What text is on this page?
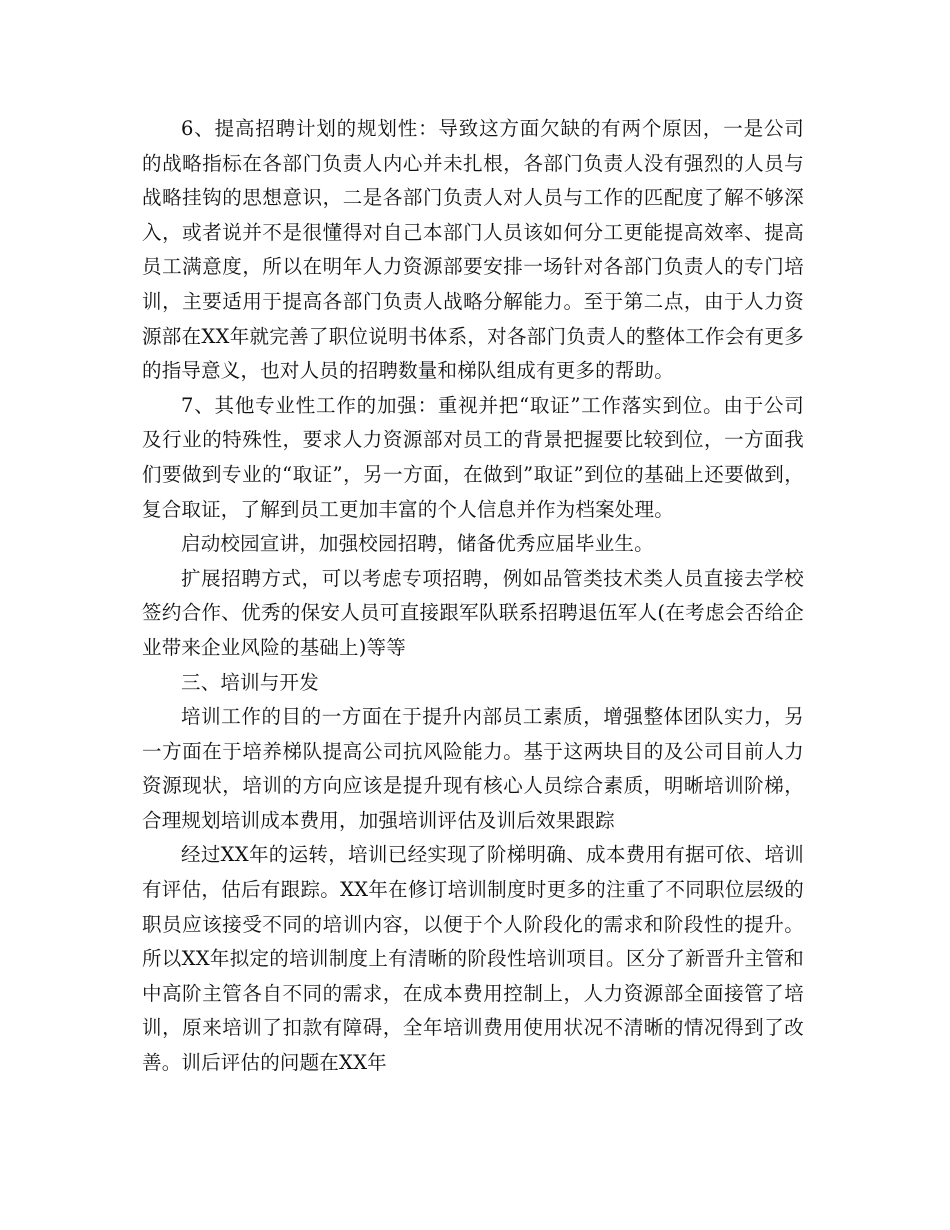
6、提高招聘计划的规划性：导致这方面欠缺的有两个原因，一是公司的战略指标在各部门负责人内心并未扎根，各部门负责人没有强烈的人员与战略挂钩的思想意识，二是各部门负责人对人员与工作的匹配度了解不够深入，或者说并不是很懂得对自己本部门人员该如何分工更能提高效率、提高员工满意度，所以在明年人力资源部要安排一场针对各部门负责人的专门培训，主要适用于提高各部门负责人战略分解能力。至于第二点，由于人力资源部在XX年就完善了职位说明书体系，对各部门负责人的整体工作会有更多的指导意义，也对人员的招聘数量和梯队组成有更多的帮助。

7、其他专业性工作的加强：重视并把“取证”工作落实到位。由于公司及行业的特殊性，要求人力资源部对员工的背景把握要比较到位，一方面我们要做到专业的“取证”，另一方面，在做到”取证”到位的基础上还要做到，复合取证，了解到员工更加丰富的个人信息并作为档案处理。

启动校园宣讲，加强校园招聘，储备优秀应届毕业生。

扩展招聘方式，可以考虑专项招聘，例如品管类技术类人员直接去学校签约合作、优秀的保安人员可直接跟军队联系招聘退伍军人(在考虑会否给企业带来企业风险的基础上)等等

三、培训与开发

培训工作的目的一方面在于提升内部员工素质，增强整体团队实力，另一方面在于培养梯队提高公司抗风险能力。基于这两块目的及公司目前人力资源现状，培训的方向应该是提升现有核心人员综合素质，明晰培训阶梯，合理规划培训成本费用，加强培训评估及训后效果跟踪

经过XX年的运转，培训已经实现了阶梯明确、成本费用有据可依、培训有评估，估后有跟踪。XX年在修订培训制度时更多的注重了不同职位层级的职员应该接受不同的培训内容，以便于个人阶段化的需求和阶段性的提升。所以XX年拟定的培训制度上有清晰的阶段性培训项目。区分了新晋升主管和中高阶主管各自不同的需求，在成本费用控制上，人力资源部全面接管了培训，原来培训了扣款有障碍，全年培训费用使用状况不清晰的情况得到了改善。训后评估的问题在XX年
